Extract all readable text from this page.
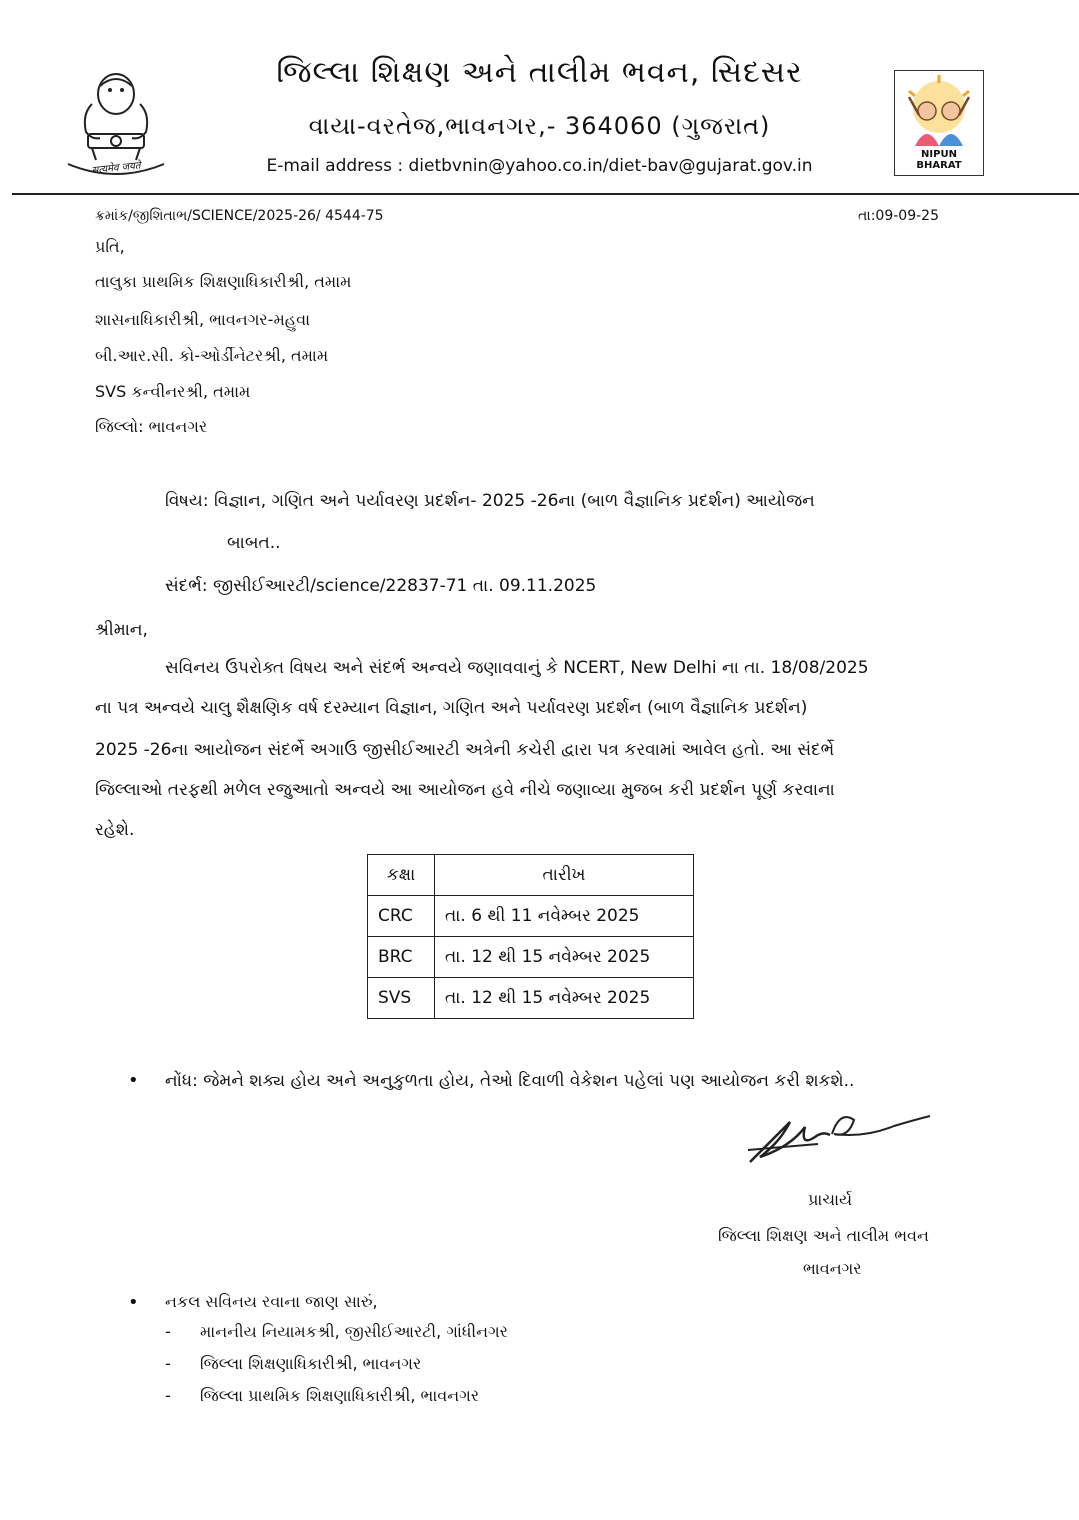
सत्यमेव जयते
NIPUN BHARAT
જિલ્લા શિક્ષણ અને તાલીમ ભવન, સિદસર
વાયા-વરતેજ,ભાવનગર,- 364060 (ગુજરાત)
E-mail address : dietbvnin@yahoo.co.in/diet-bav@gujarat.gov.in
ક્રમાંક/જીશિતાભ/SCIENCE/2025-26/ 4544-75	તા:09-09-25
પ્રતિ,
તાલુકા પ્રાથમિક શિક્ષણાધિકારીશ્રી, તમામ
શાસનાધિકારીશ્રી, ભાવનગર-મહુવા
બી.આર.સી. કો-ઓર્ડીનેટરશ્રી, તમામ
SVS કન્વીનરશ્રી, તમામ
જિલ્લો: ભાવનગર
વિષય: વિજ્ઞાન, ગણિત અને પર્યાવરણ પ્રદર્શન- 2025 -26ના (બાળ વૈજ્ઞાનિક પ્રદર્શન) આયોજન
બાબત..
સંદર્ભ: જીસીઈઆરટી/science/22837-71 તા. 09.11.2025
શ્રીમાન,
સવિનય ઉપરોક્ત વિષય અને સંદર્ભ અન્વયે જણાવવાનું કે NCERT, New Delhi ના તા. 18/08/2025
ના પત્ર અન્વયે ચાલુ શૈક્ષણિક વર્ષ દરમ્યાન વિજ્ઞાન, ગણિત અને પર્યાવરણ પ્રદર્શન (બાળ વૈજ્ઞાનિક પ્રદર્શન)
2025 -26ના આયોજન સંદર્ભે અગાઉ જીસીઈઆરટી અત્રેની કચેરી દ્વારા પત્ર કરવામાં આવેલ હતો. આ સંદર્ભે
જિલ્લાઓ તરફથી મળેલ રજુઆતો અન્વયે આ આયોજન હવે નીચે જણાવ્યા મુજબ કરી પ્રદર્શન પૂર્ણ કરવાના
રહેશે.
કક્ષા	તારીખ
CRC	તા. 6 થી 11 નવેમ્બર 2025
BRC	તા. 12 થી 15 નવેમ્બર 2025
SVS	તા. 12 થી 15 નવેમ્બર 2025
• નોંધ: જેમને શક્ય હોય અને અનુકુળતા હોય, તેઓ દિવાળી વેકેશન પહેલાં પણ આયોજન કરી શકશે..
પ્રાચાર્ય
જિલ્લા શિક્ષણ અને તાલીમ ભવન
ભાવનગર
• નકલ સવિનય રવાના જાણ સારું,
- માનનીય નિયામકશ્રી, જીસીઈઆરટી, ગાંધીનગર
- જિલ્લા શિક્ષણાધિકારીશ્રી, ભાવનગર
- જિલ્લા પ્રાથમિક શિક્ષણાધિકારીશ્રી, ભાવનગર
